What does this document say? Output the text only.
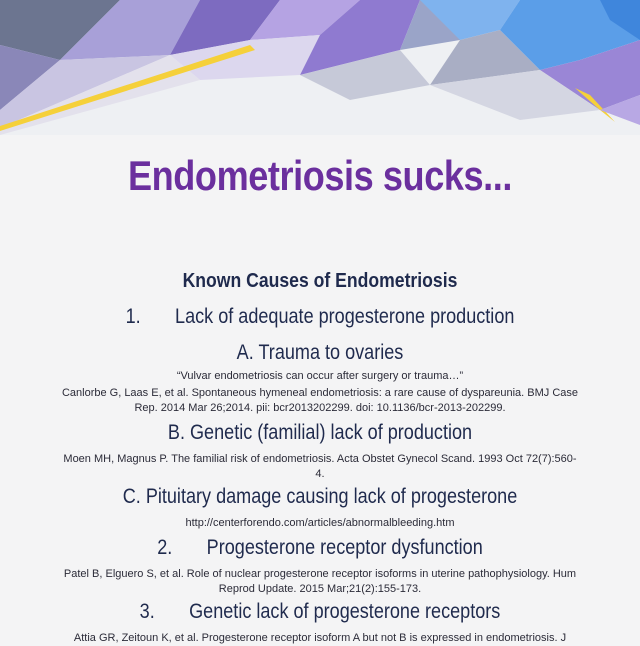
Endometriosis sucks...
Known Causes of Endometriosis
1. Lack of adequate progesterone production
A. Trauma to ovaries
“Vulvar endometriosis can occur after surgery or trauma…”
Canlorbe G, Laas E, et al. Spontaneous hymeneal endometriosis: a rare cause of dyspareunia. BMJ Case Rep. 2014 Mar 26;2014. pii: bcr2013202299. doi: 10.1136/bcr-2013-202299.
B. Genetic (familial) lack of production
Moen MH, Magnus P. The familial risk of endometriosis. Acta Obstet Gynecol Scand. 1993 Oct 72(7):560-4.
C. Pituitary damage causing lack of progesterone
http://centerforendo.com/articles/abnormalbleeding.htm
2. Progesterone receptor dysfunction
Patel B, Elguero S, et al. Role of nuclear progesterone receptor isoforms in uterine pathophysiology. Hum Reprod Update. 2015 Mar;21(2):155-173.
3. Genetic lack of progesterone receptors
Attia GR, Zeitoun K, et al. Progesterone receptor isoform A but not B is expressed in endometriosis. J
